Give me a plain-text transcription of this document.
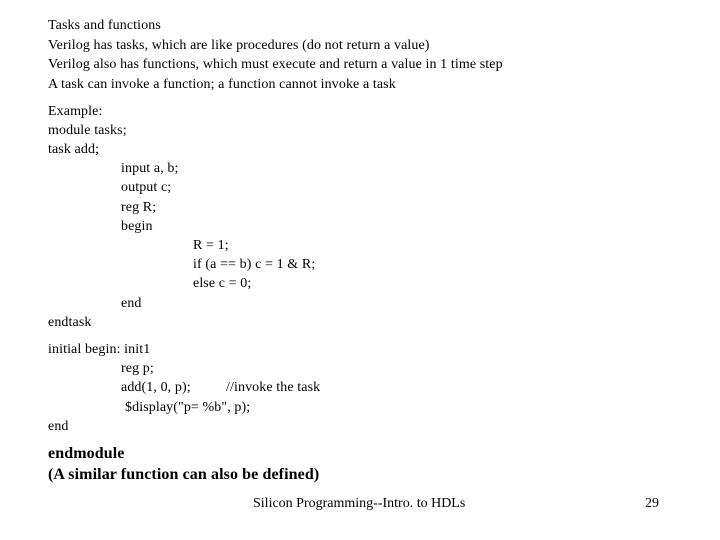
Tasks and functions
Verilog has tasks, which are like procedures (do not return a value)
Verilog also has functions, which must execute and return a value in 1 time step
A task can invoke a function; a function cannot invoke a task
Example:
module tasks;
task add;
input a, b;
output c;
reg R;
begin
R = 1;
if (a == b) c = 1 & R;
else c = 0;
end
endtask
initial begin: init1
reg p;
add(1, 0, p);	//invoke the task
$display("p= %b", p);
end
endmodule
(A similar function can also be defined)
Silicon Programming--Intro. to HDLs	29
